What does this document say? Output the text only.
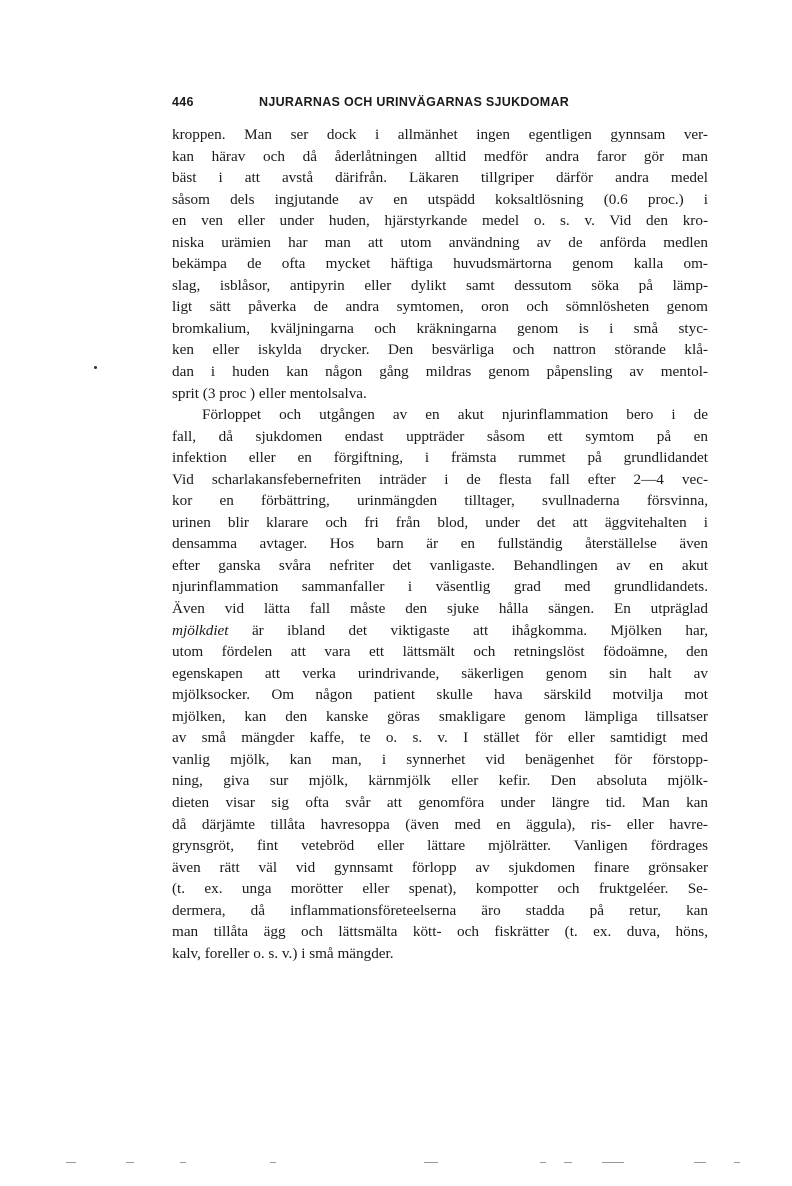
446	NJURARNAS OCH URINVÄGARNAS SJUKDOMAR
kroppen. Man ser dock i allmänhet ingen egentligen gynnsam ver-
kan härav och då åderlåtningen alltid medför andra faror gör man
bäst i att avstå därifrån. Läkaren tillgriper därför andra medel
såsom dels ingjutande av en utspädd koksaltlösning (0.6 proc.) i
en ven eller under huden, hjärstyrkande medel o. s. v. Vid den kro-
niska urämien har man att utom användning av de anförda medlen
bekämpa de ofta mycket häftiga huvudsmärtorna genom kalla om-
slag, isblåsor, antipyrin eller dylikt samt dessutom söka på lämp-
ligt sätt påverka de andra symtomen, oron och sömnlösheten genom
bromkalium, kväljningarna och kräkningarna genom is i små styc-
ken eller iskylda drycker. Den besvärliga och nattron störande klå-
dan i huden kan någon gång mildras genom påpensling av mentol-
sprit (3 proc ) eller mentolsalva.
Förloppet och utgången av en akut njurinflammation bero i de
fall, då sjukdomen endast uppträder såsom ett symtom på en
infektion eller en förgiftning, i främsta rummet på grundlidandet
Vid scharlakansfebernefriten inträder i de flesta fall efter 2—4 vec-
kor en förbättring, urinmängden tilltager, svullnaderna försvinna,
urinen blir klarare och fri från blod, under det att äggvitehalten i
densamma avtager. Hos barn är en fullständig återställelse även
efter ganska svåra nefriter det vanligaste. Behandlingen av en akut
njurinflammation sammanfaller i väsentlig grad med grundlidandets.
Även vid lätta fall måste den sjuke hålla sängen. En utpräglad
mjölkdiet är ibland det viktigaste att ihågkomma. Mjölken har,
utom fördelen att vara ett lättsmält och retningslöst födoämne, den
egenskapen att verka urindrivande, säkerligen genom sin halt av
mjölksocker. Om någon patient skulle hava särskild motvilja mot
mjölken, kan den kanske göras smakligare genom lämpliga tillsatser
av små mängder kaffe, te o. s. v. I stället för eller samtidigt med
vanlig mjölk, kan man, i synnerhet vid benägenhet för förstopp-
ning, giva sur mjölk, kärnmjölk eller kefir. Den absoluta mjölk-
dieten visar sig ofta svår att genomföra under längre tid. Man kan
då därjämte tillåta havresoppa (även med en äggula), ris- eller havre-
grynsgröt, fint vetebröd eller lättare mjölrätter. Vanligen fördrages
även rätt väl vid gynnsamt förlopp av sjukdomen finare grönsaker
(t. ex. unga morötter eller spenat), kompotter och fruktgeléer. Se-
dermera, då inflammationsföreteelserna äro stadda på retur, kan
man tillåta ägg och lättsmälta kött- och fiskrätter (t. ex. duva, höns,
kalv, foreller o. s. v.) i små mängder.
